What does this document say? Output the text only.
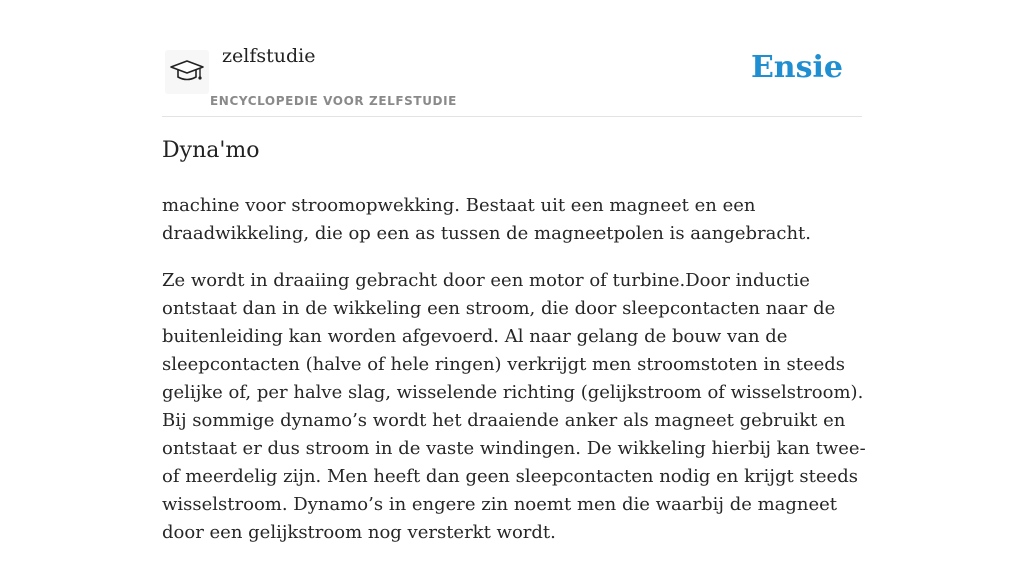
zelfstudie
ENCYCLOPEDIE VOOR ZELFSTUDIE
Ensie
Dyna'mo

machine voor stroomopwekking. Bestaat uit een magneet en een draadwikkeling, die op een as tussen de magneetpolen is aangebracht.

Ze wordt in draaiing gebracht door een motor of turbine.Door inductie ontstaat dan in de wikkeling een stroom, die door sleepcontacten naar de buitenleiding kan worden afgevoerd. Al naar gelang de bouw van de sleepcontacten (halve of hele ringen) verkrijgt men stroomstoten in steeds gelijke of, per halve slag, wisselende richting (gelijkstroom of wisselstroom). Bij sommige dynamo’s wordt het draaiende anker als magneet gebruikt en ontstaat er dus stroom in de vaste windingen. De wikkeling hierbij kan twee- of meerdelig zijn. Men heeft dan geen sleepcontacten nodig en krijgt steeds wisselstroom. Dynamo’s in engere zin noemt men die waarbij de magneet door een gelijkstroom nog versterkt wordt.
